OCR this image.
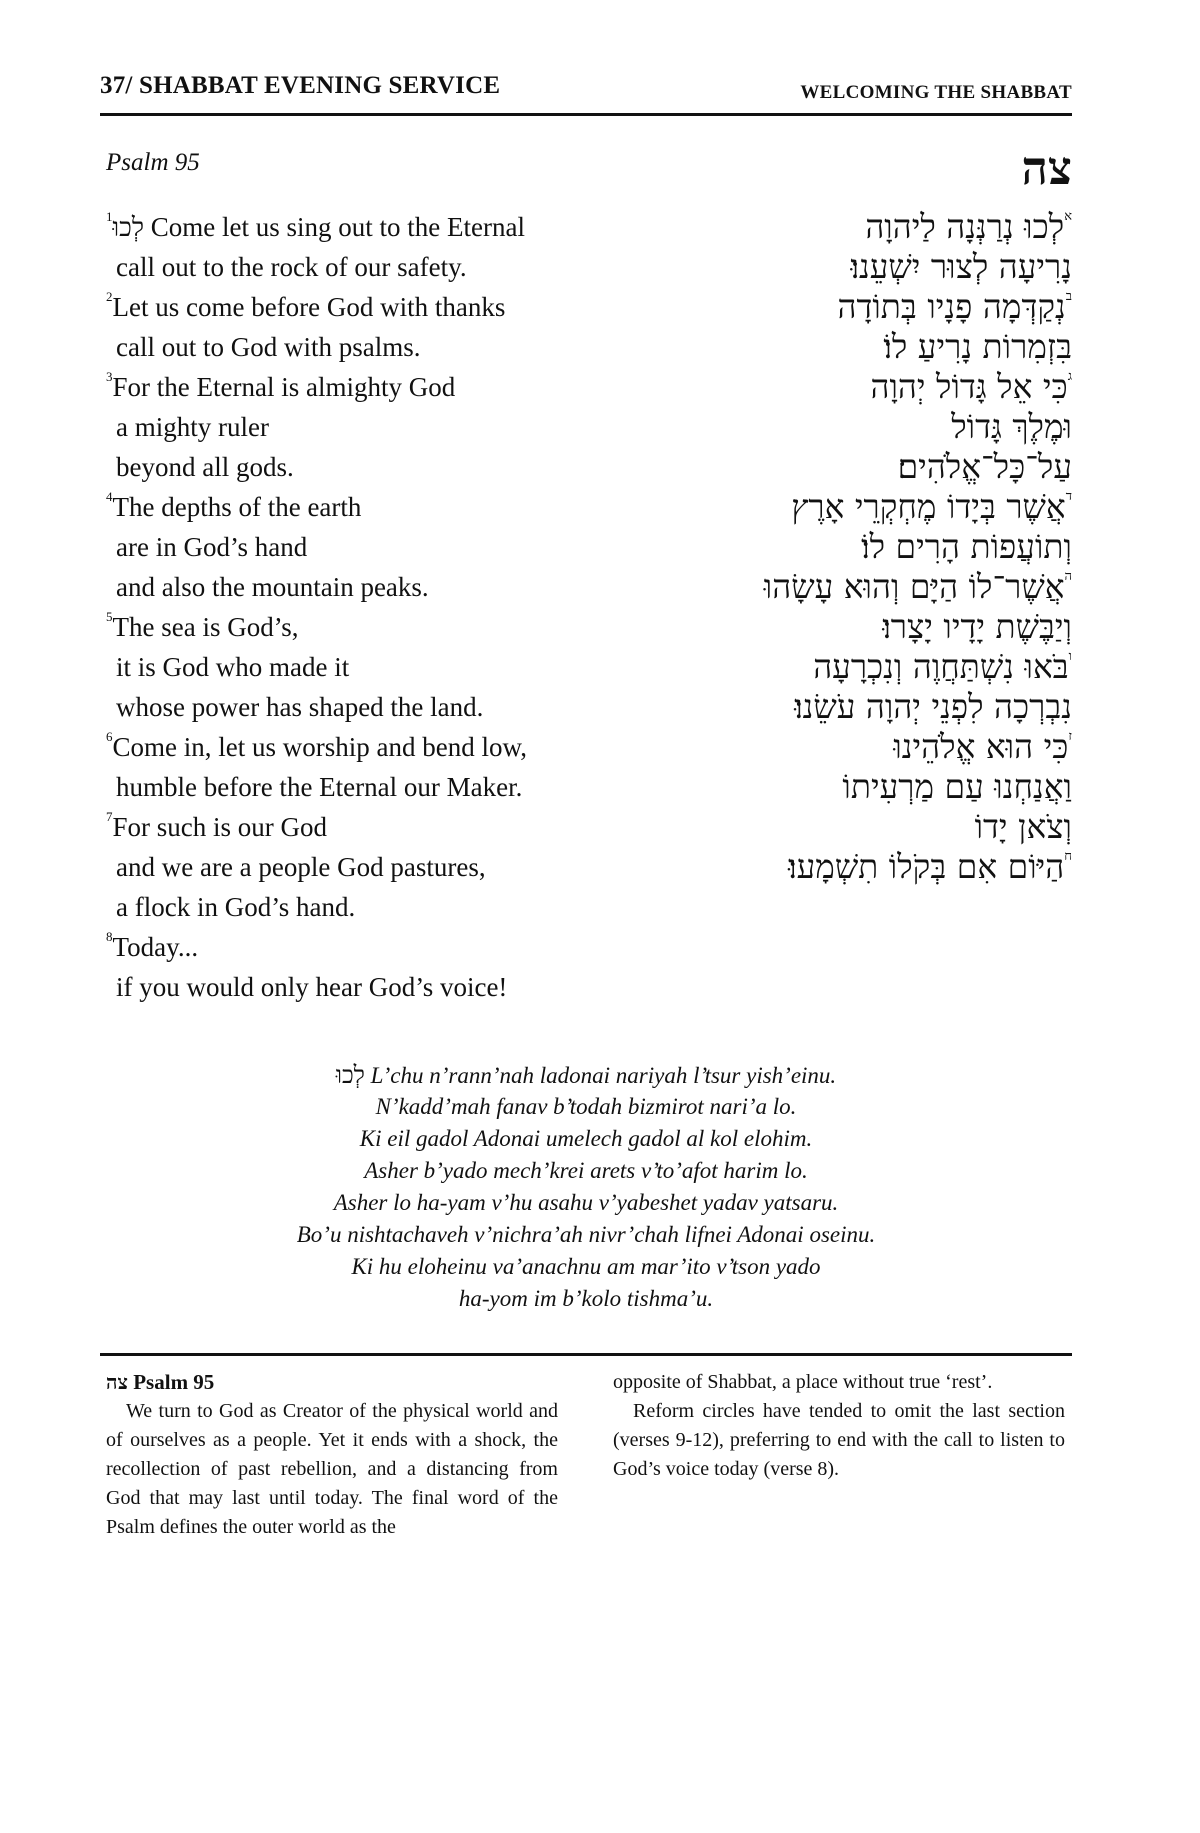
37/ SHABBAT EVENING SERVICE	WELCOMING THE SHABBAT
Psalm 95	צה
$^1$לְכוּ Come let us sing out to the Eternal
call out to the rock of our safety.
$^2$Let us come before God with thanks
call out to God with psalms.
$^3$For the Eternal is almighty God
a mighty ruler
beyond all gods.
$^4$The depths of the earth
are in God’s hand
and also the mountain peaks.
$^5$The sea is God’s,
it is God who made it
whose power has shaped the land.
$^6$Come in, let us worship and bend low,
humble before the Eternal our Maker.
$^7$For such is our God
and we are a people God pastures,
a flock in God’s hand.
$^8$Today...
if you would only hear God’s voice!
$^א$לְכוּ נְרַנְּנָה לַיהוָה
נָרִיעָה לְצוּר יִשְׁעֵנוּ׃
$^ב$נְקַדְּמָה פָנָיו בְּתוֹדָה
בִּזְמִרוֹת נָרִיעַ לוֹ׃
$^ג$כִּי אֵל גָּדוֹל יְהוָה
וּמֶלֶךְ גָּדוֹל
עַל־כָּל־אֱלֹהִים׃
$^ד$אֲשֶׁר בְּיָדוֹ מֶחְקְרֵי אָרֶץ
וְתוֹעֲפוֹת הָרִים לוֹ׃
$^ה$אֲשֶׁר־לוֹ הַיָּם וְהוּא עָשָׂהוּ
וְיַבֶּשֶׁת יָדָיו יָצָרוּ׃
$^ו$בֹּאוּ נִשְׁתַּחֲוֶה וְנִכְרָעָה
נִבְרְכָה לִפְנֵי יְהוָה עֹשֵׂנוּ׃
$^ז$כִּי הוּא אֱלֹהֵינוּ
וַאֲנַחְנוּ עַם מַרְעִיתוֹ
וְצֹאן יָדוֹ
$^ח$הַיּוֹם אִם בְּקֹלוֹ תִשְׁמָעוּ׃
לְכוּ L’chu n’rann’nah ladonai nariyah l’tsur yish’einu.
N’kadd’mah fanav b’todah bizmirot nari’a lo.
Ki eil gadol Adonai umelech gadol al kol elohim.
Asher b’yado mech’krei arets v’to’afot harim lo.
Asher lo ha-yam v’hu asahu v’yabeshet yadav yatsaru.
Bo’u nishtachaveh v’nichra’ah nivr’chah lifnei Adonai oseinu.
Ki hu eloheinu va’anachnu am mar’ito v’tson yado
ha-yom im b’kolo tishma’u.
צה Psalm 95

We turn to God as Creator of the physical world and of ourselves as a people. Yet it ends with a shock, the recollection of past rebellion, and a distancing from God that may last until today. The final word of the Psalm defines the outer world as the

opposite of Shabbat, a place without true ‘rest’.

Reform circles have tended to omit the last section (verses 9-12), preferring to end with the call to listen to God’s voice today (verse 8).
